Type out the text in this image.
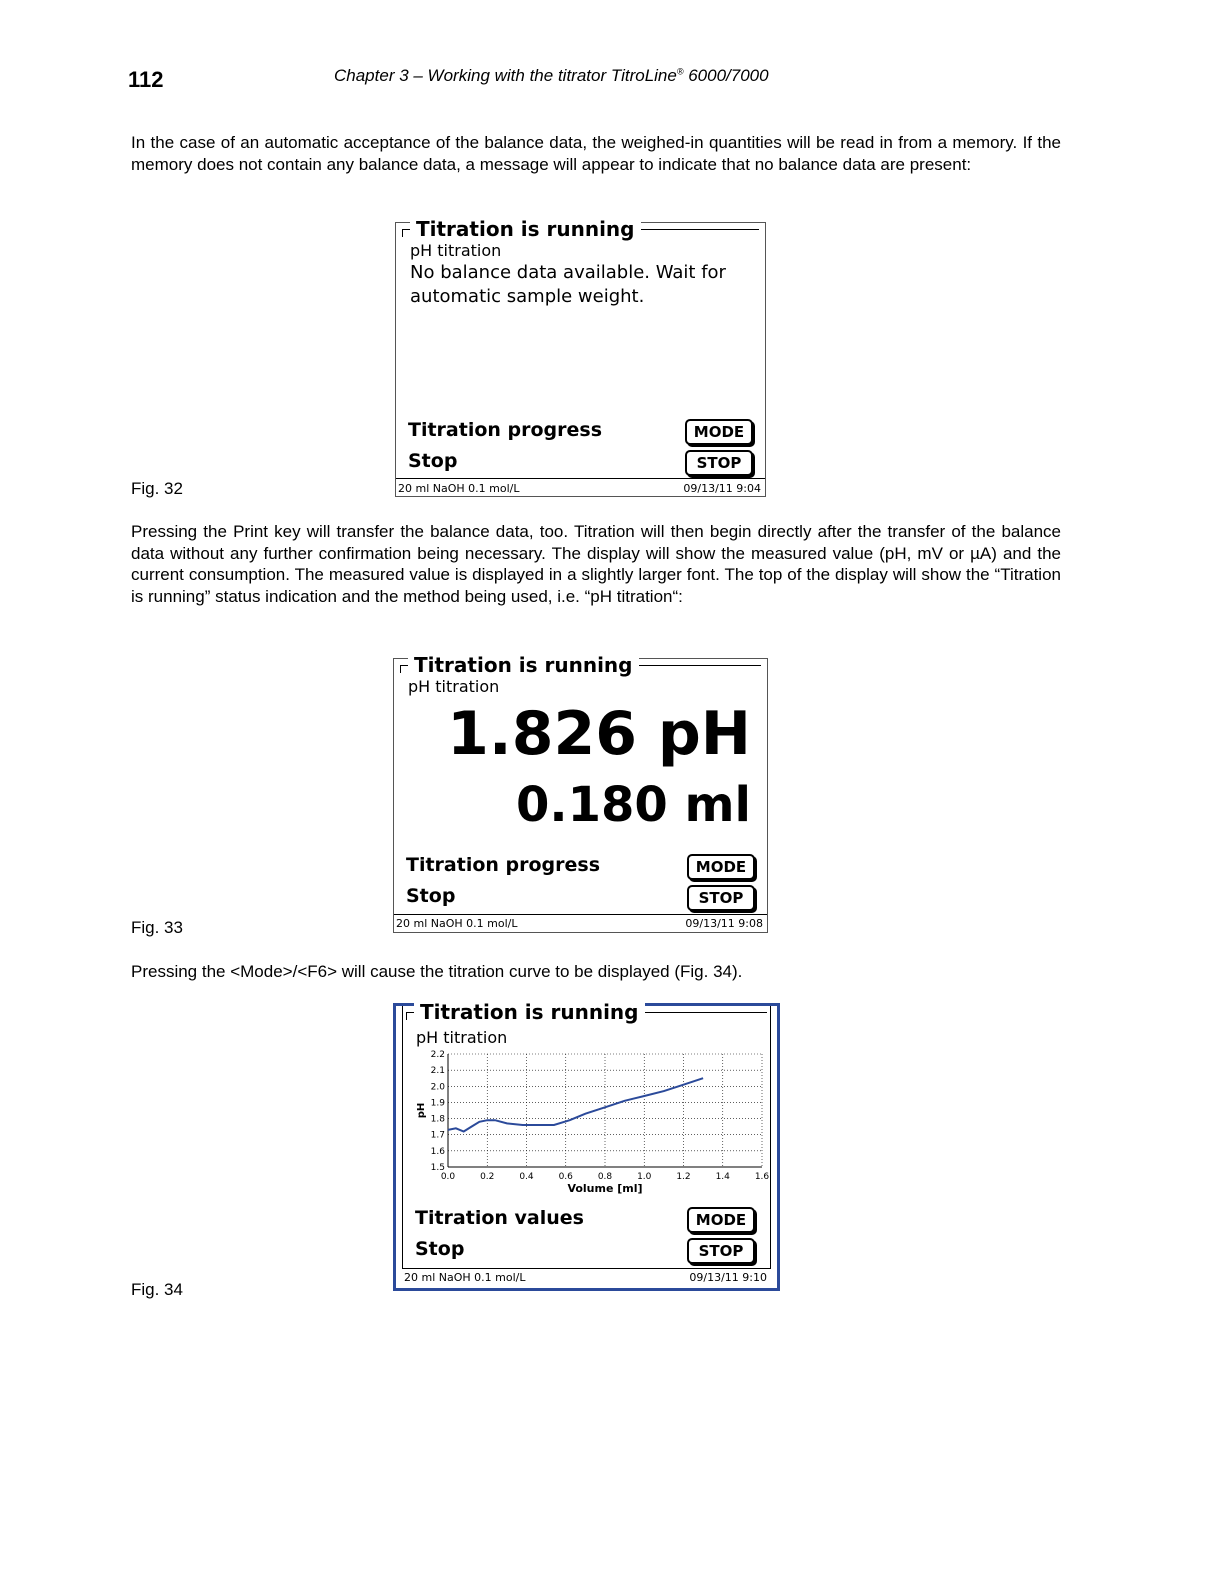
112	Chapter 3 – Working with the titrator TitroLine® 6000/7000
In the case of an automatic acceptance of the balance data, the weighed-in quantities will be read in from a memory. If the memory does not contain any balance data, a message will appear to indicate that no balance data are present:
Titration is running
pH titration
No balance data available. Wait for
automatic sample weight.
Titration progress	MODE
Stop	STOP
20 ml NaOH 0.1 mol/L	09/13/11 9:04
Fig. 32
Pressing the Print key will transfer the balance data, too. Titration will then begin directly after the transfer of the balance data without any further confirmation being necessary. The display will show the measured value (pH, mV or µA) and the current consumption. The measured value is displayed in a slightly larger font. The top of the display will show the “Titration is running” status indication and the method being used, i.e. “pH titration“:
Titration is running
pH titration
1.826 pH
0.180 ml
Titration progress	MODE
Stop	STOP
20 ml NaOH 0.1 mol/L	09/13/11 9:08
Fig. 33
Pressing the <Mode>/<F6> will cause the titration curve to be displayed (Fig. 34).
Titration is running
pH titration
2.2
2.1
2.0
1.9
1.8
1.7
1.6
1.5
0.0	0.2	0.4	0.6	0.8	1.0	1.2	1.4	1.6
pH
Volume [ml]
Titration values	MODE
Stop	STOP
20 ml NaOH 0.1 mol/L	09/13/11 9:10
Fig. 34
